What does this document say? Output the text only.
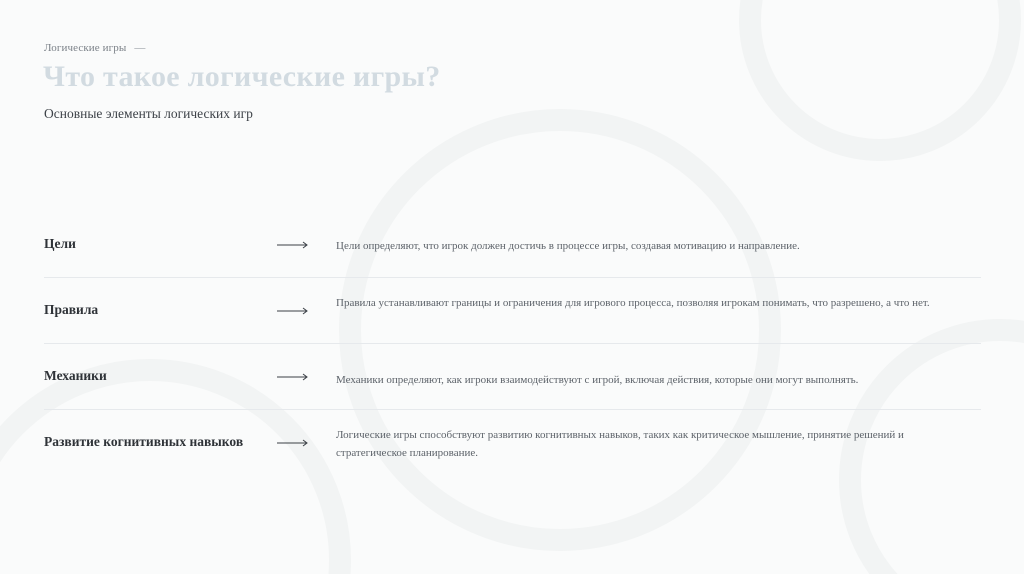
Логические игры —
Что такое логические игры?
Основные элементы логических игр
Цели	Цели определяют, что игрок должен достичь в процессе игры, создавая мотивацию и направление.
Правила	Правила устанавливают границы и ограничения для игрового процесса, позволяя игрокам понимать, что разрешено, а что нет.
Механики	Механики определяют, как игроки взаимодействуют с игрой, включая действия, которые они могут выполнять.
Развитие когнитивных навыков	Логические игры способствуют развитию когнитивных навыков, таких как критическое мышление, принятие решений и стратегическое планирование.
